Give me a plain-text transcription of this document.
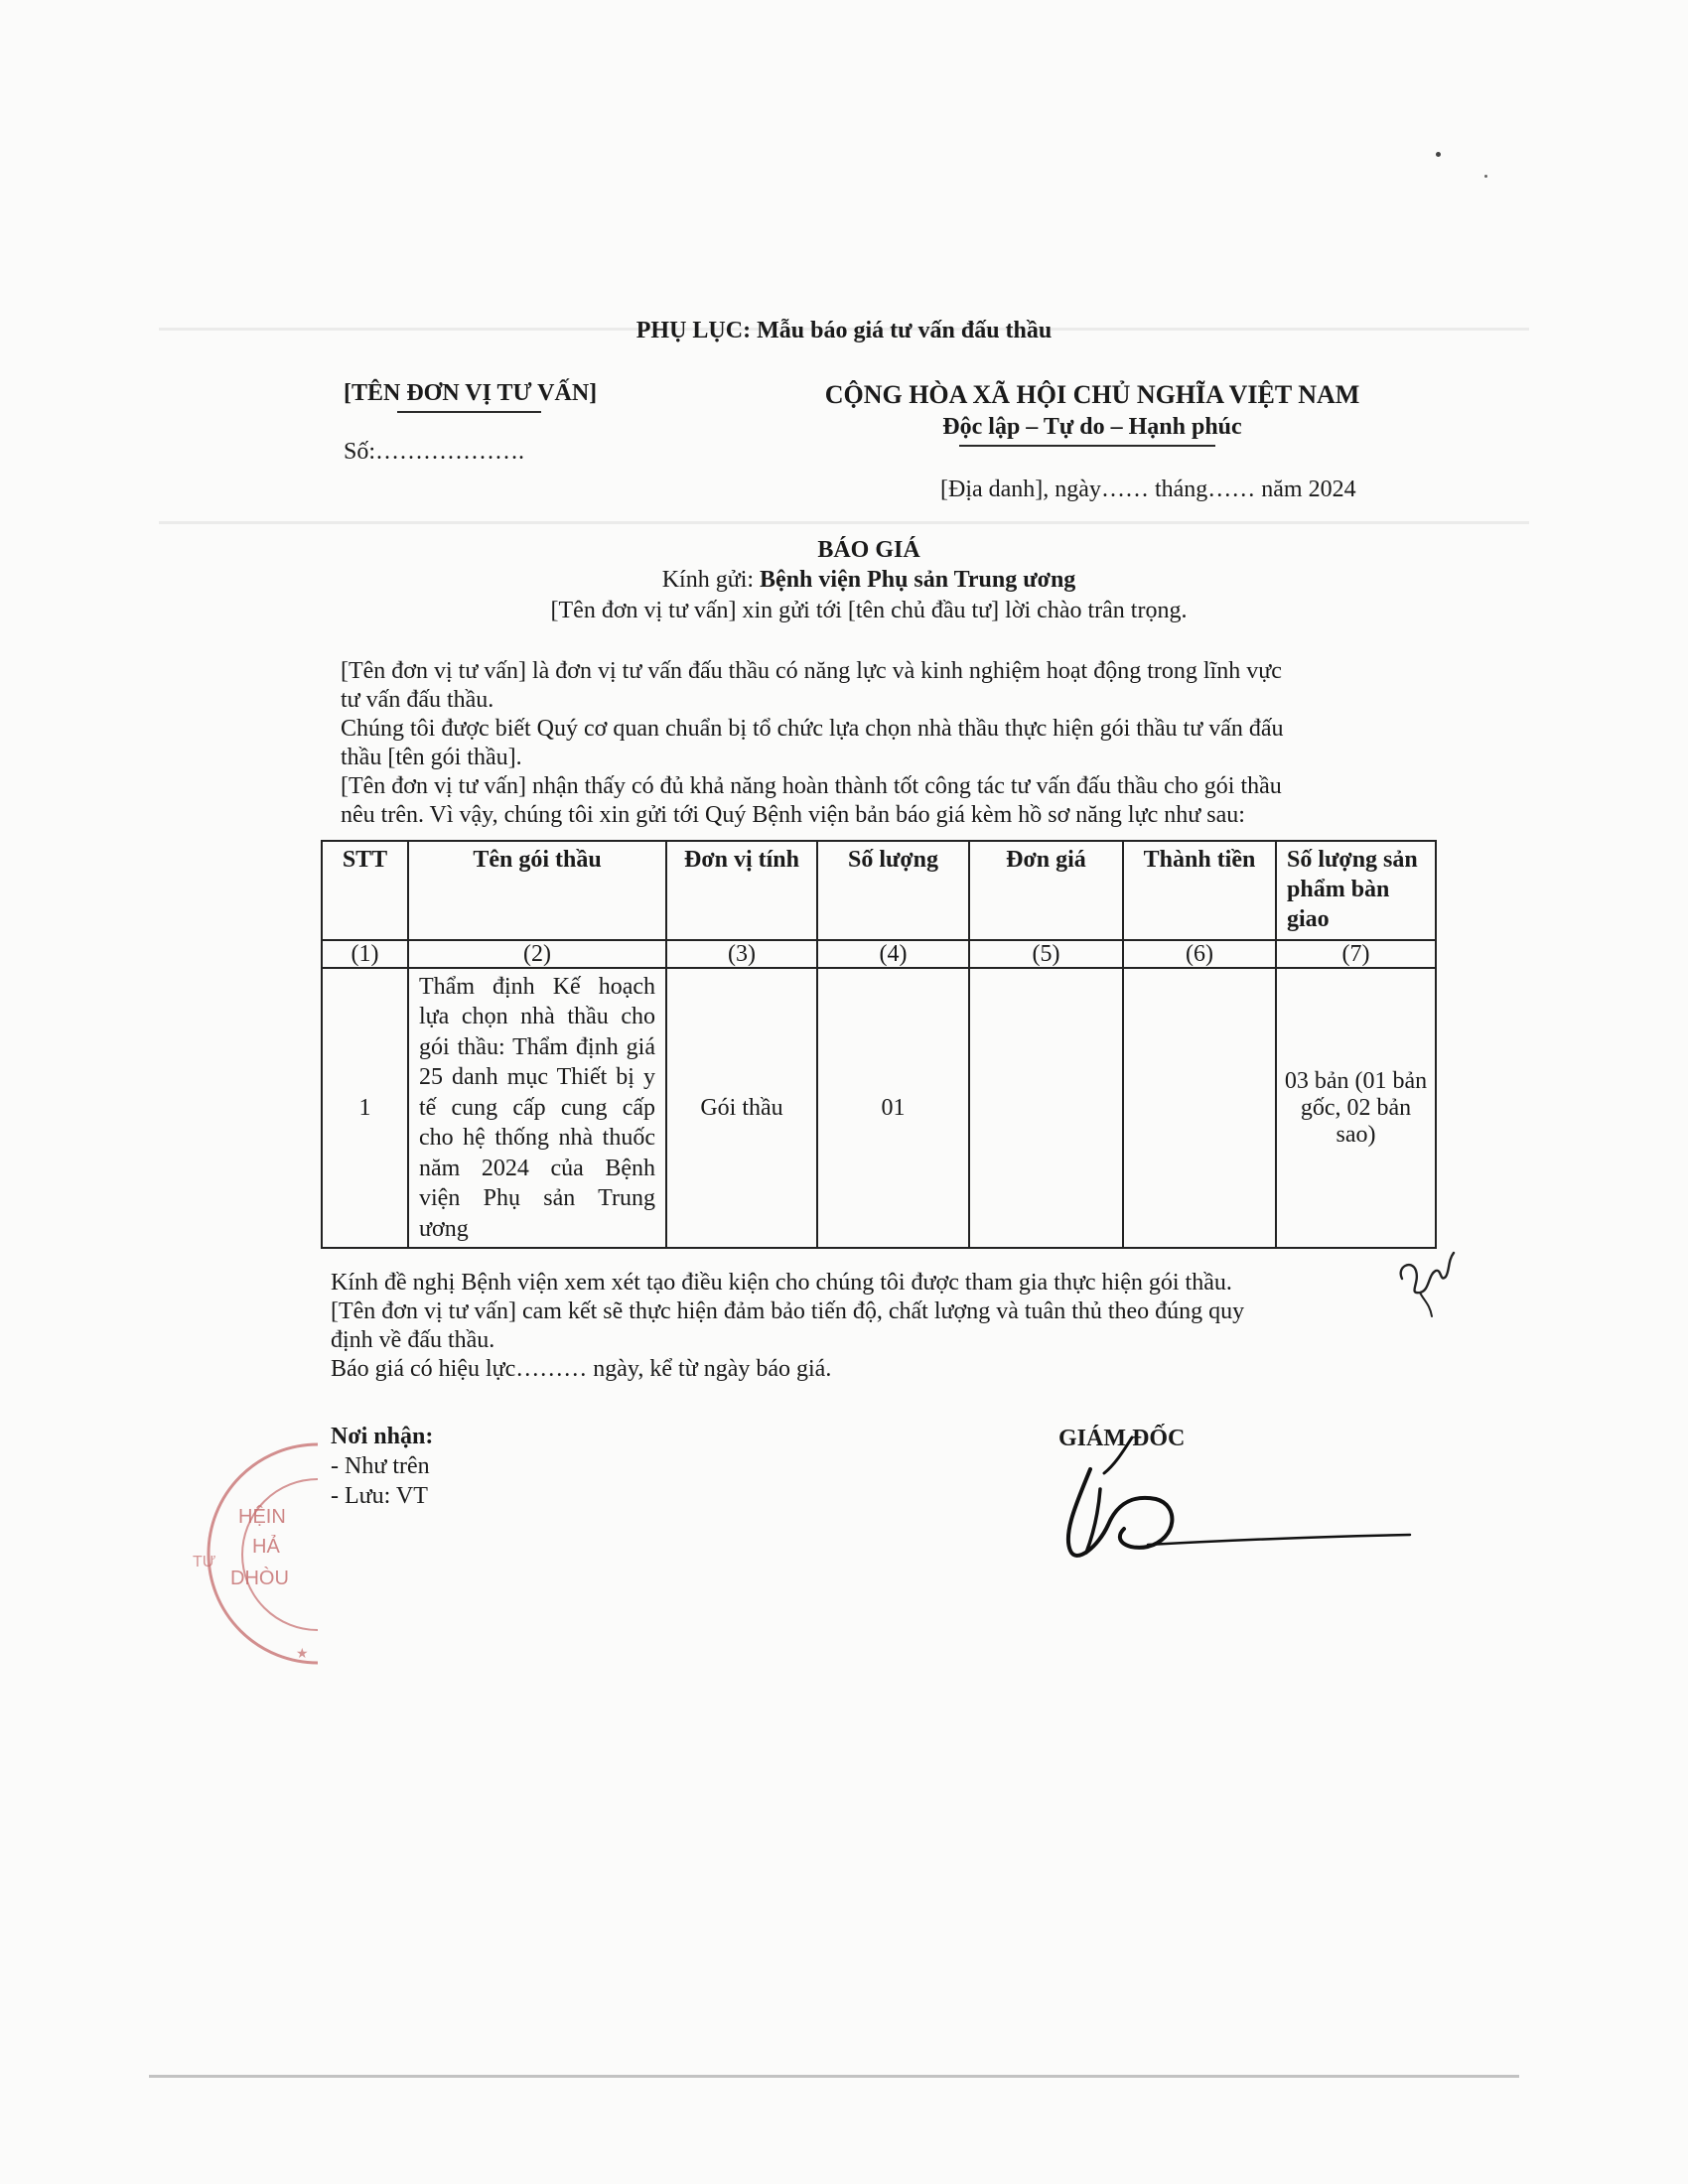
PHỤ LỤC: Mẫu báo giá tư vấn đấu thầu
[TÊN ĐƠN VỊ TƯ VẤN]
Số:……………….
CỘNG HÒA XÃ HỘI CHỦ NGHĨA VIỆT NAM
Độc lập – Tự do – Hạnh phúc
[Địa danh], ngày…… tháng…… năm 2024
BÁO GIÁ
Kính gửi: Bệnh viện Phụ sản Trung ương
[Tên đơn vị tư vấn] xin gửi tới [tên chủ đầu tư] lời chào trân trọng.
[Tên đơn vị tư vấn] là đơn vị tư vấn đấu thầu có năng lực và kinh nghiệm hoạt động trong lĩnh vực
tư vấn đấu thầu.
Chúng tôi được biết Quý cơ quan chuẩn bị tổ chức lựa chọn nhà thầu thực hiện gói thầu tư vấn đấu
thầu [tên gói thầu].
[Tên đơn vị tư vấn] nhận thấy có đủ khả năng hoàn thành tốt công tác tư vấn đấu thầu cho gói thầu
nêu trên. Vì vậy, chúng tôi xin gửi tới Quý Bệnh viện bản báo giá kèm hồ sơ năng lực như sau:
STT	Tên gói thầu	Đơn vị tính	Số lượng	Đơn giá	Thành tiền	Số lượng sản phẩm bàn giao
(1)	(2)	(3)	(4)	(5)	(6)	(7)
1	Thẩm định Kế hoạch lựa chọn nhà thầu cho gói thầu: Thẩm định giá 25 danh mục Thiết bị y tế cung cấp cung cấp cho hệ thống nhà thuốc năm 2024 của Bệnh viện Phụ sản Trung ương	Gói thầu	01			03 bản (01 bản gốc, 02 bản sao)
Kính đề nghị Bệnh viện xem xét tạo điều kiện cho chúng tôi được tham gia thực hiện gói thầu.
[Tên đơn vị tư vấn] cam kết sẽ thực hiện đảm bảo tiến độ, chất lượng và tuân thủ theo đúng quy
định về đấu thầu.
Báo giá có hiệu lực……… ngày, kể từ ngày báo giá.
Nơi nhận:
- Như trên
- Lưu: VT
GIÁM ĐỐC
HỆIN
HẢ
DHÒU
TƯ
★
